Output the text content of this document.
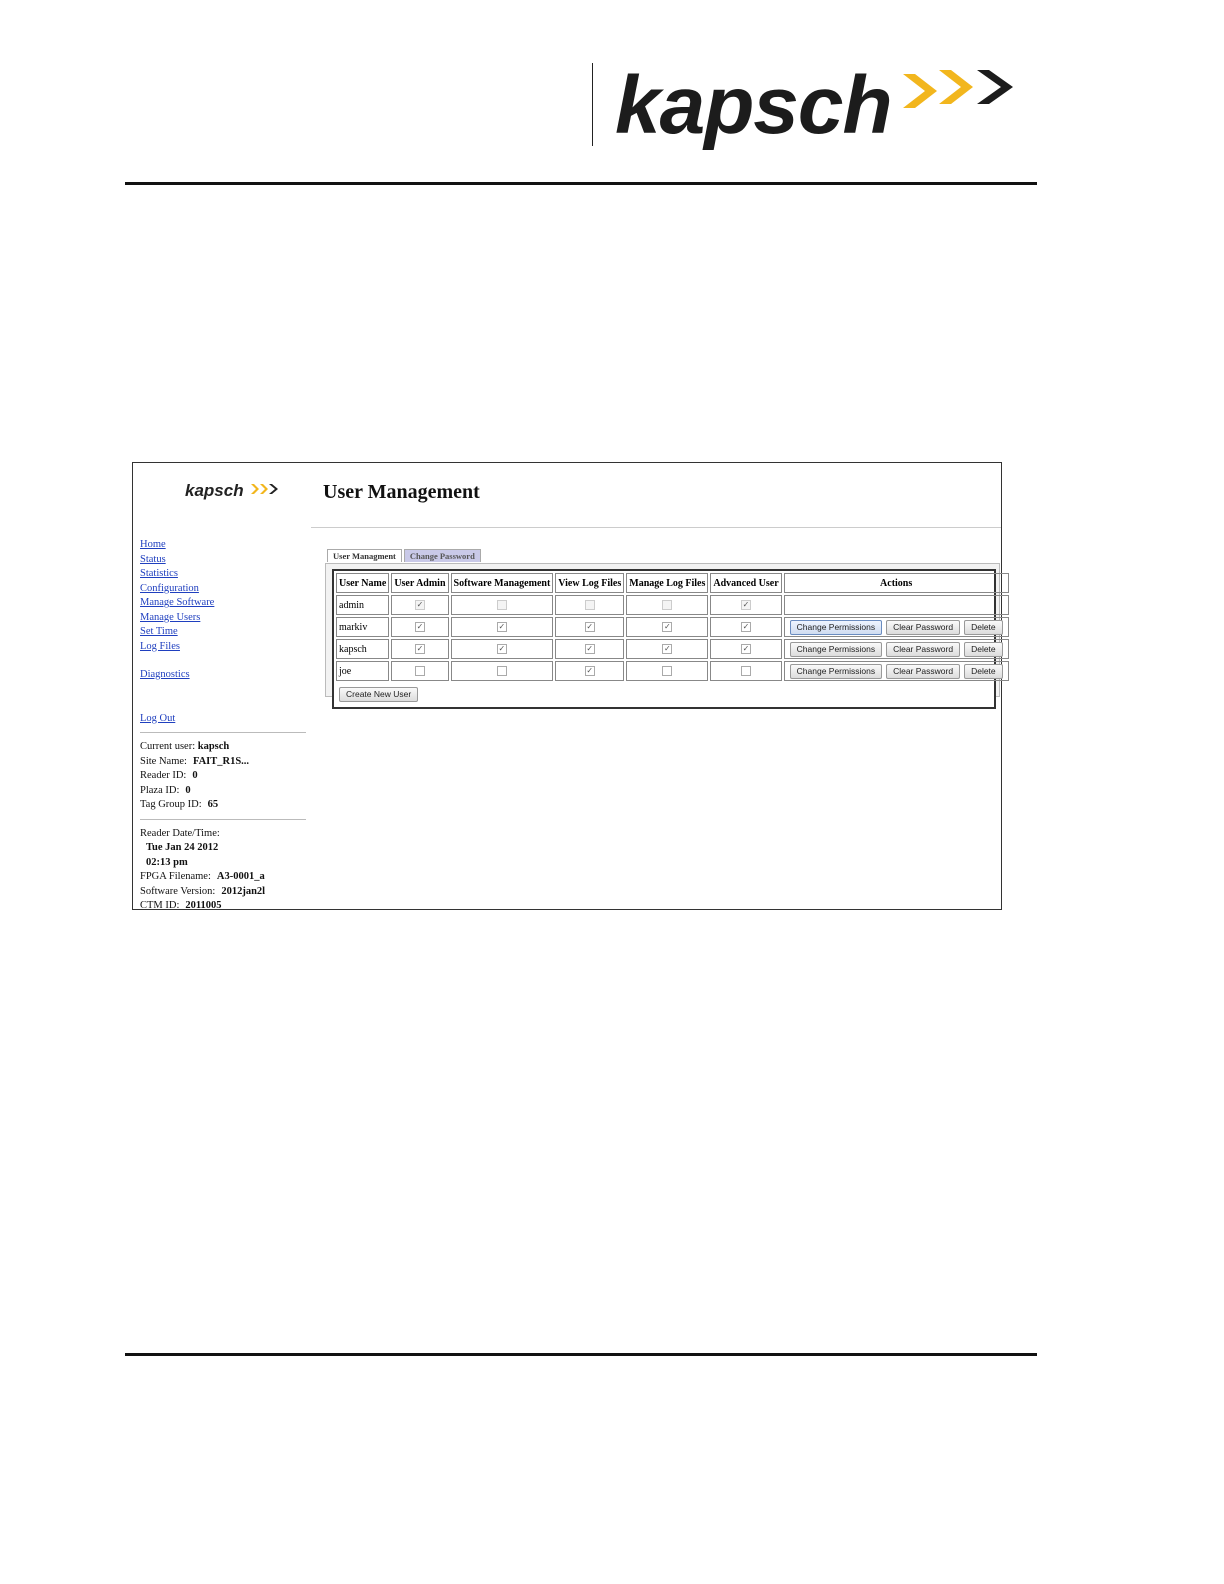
kapsch
kapsch	User Management
Home
Status
Statistics
Configuration
Manage Software
Manage Users
Set Time
Log Files
Diagnostics
Log Out
Current user: kapsch
Site Name: FAIT_R1S...
Reader ID: 0
Plaza ID: 0
Tag Group ID: 65
Reader Date/Time:
Tue Jan 24 2012
02:13 pm
FPGA Filename: A3-0001_a
Software Version: 2012jan2l
CTM ID: 2011005
User Managment	Change Password
User Name	User Admin	Software Management	View Log Files	Manage Log Files	Advanced User	Actions
admin	✓				✓	
markiv	✓	✓	✓	✓	✓	Change Permissions Clear Password Delete
kapsch	✓	✓	✓	✓	✓	Change Permissions Clear Password Delete
joe			✓			Change Permissions Clear Password Delete
Create New User						
